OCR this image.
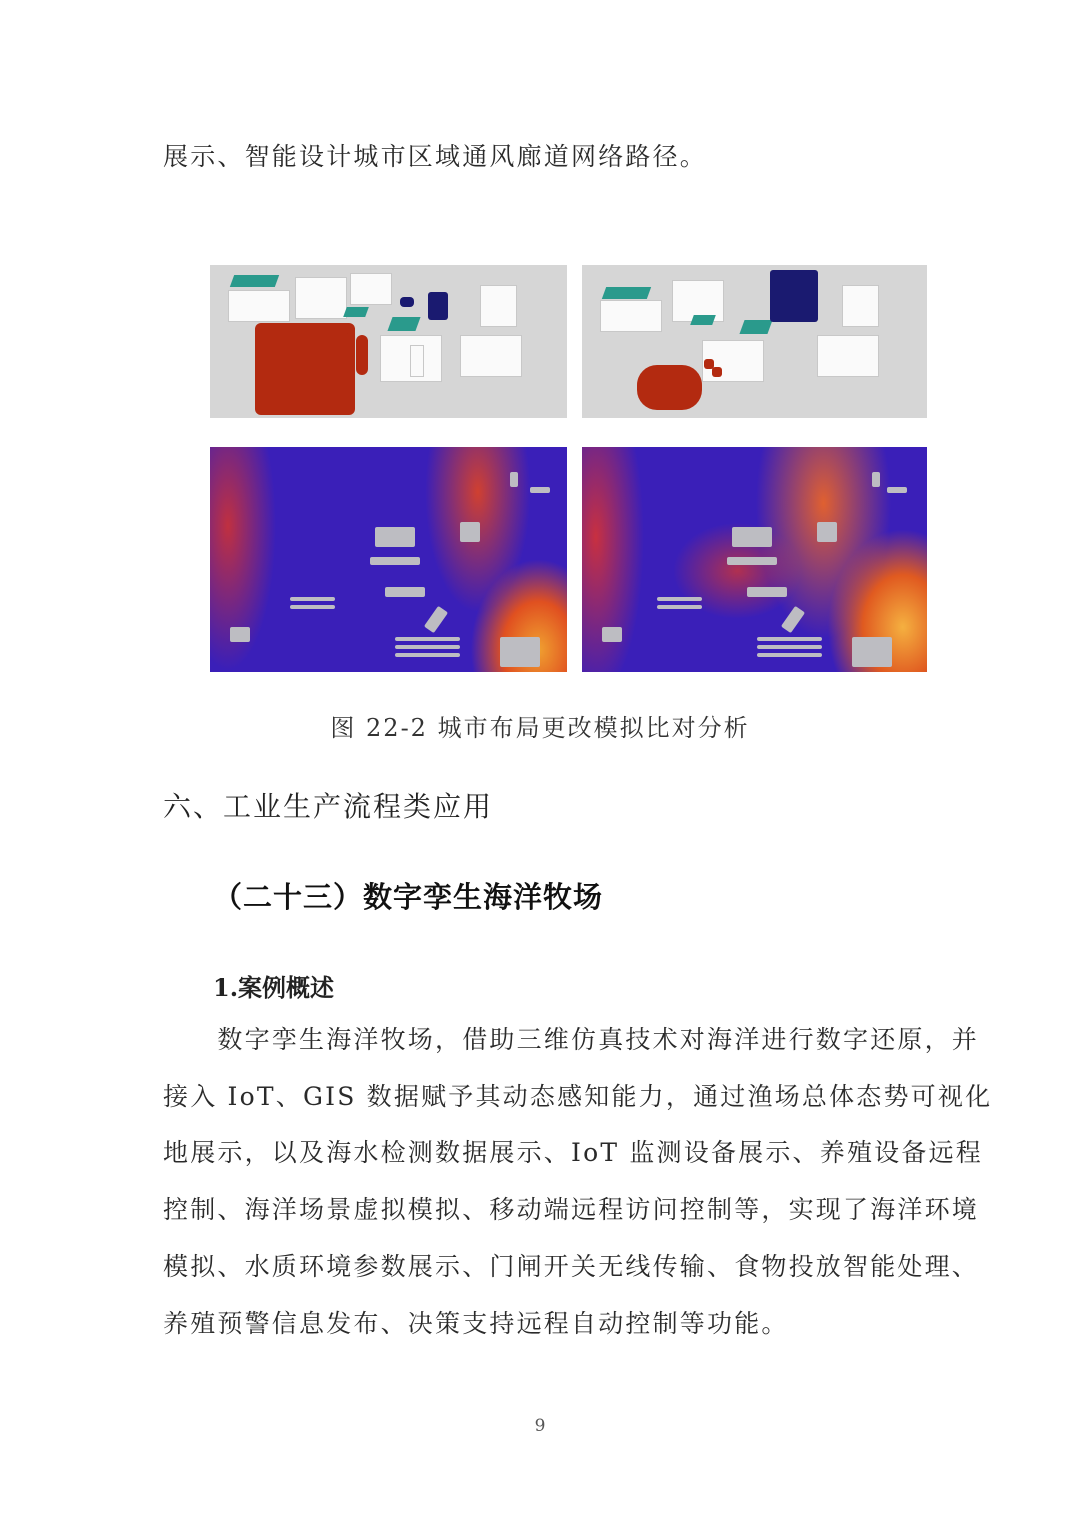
展示、智能设计城市区域通风廊道网络路径。
图 22-2 城市布局更改模拟比对分析
六、工业生产流程类应用
（二十三）数字孪生海洋牧场
1.案例概述
　　数字孪生海洋牧场，借助三维仿真技术对海洋进行数字还原，并
接入 IoT、GIS 数据赋予其动态感知能力，通过渔场总体态势可视化
地展示，以及海水检测数据展示、IoT 监测设备展示、养殖设备远程
控制、海洋场景虚拟模拟、移动端远程访问控制等，实现了海洋环境
模拟、水质环境参数展示、门闸开关无线传输、食物投放智能处理、
养殖预警信息发布、决策支持远程自动控制等功能。
9
